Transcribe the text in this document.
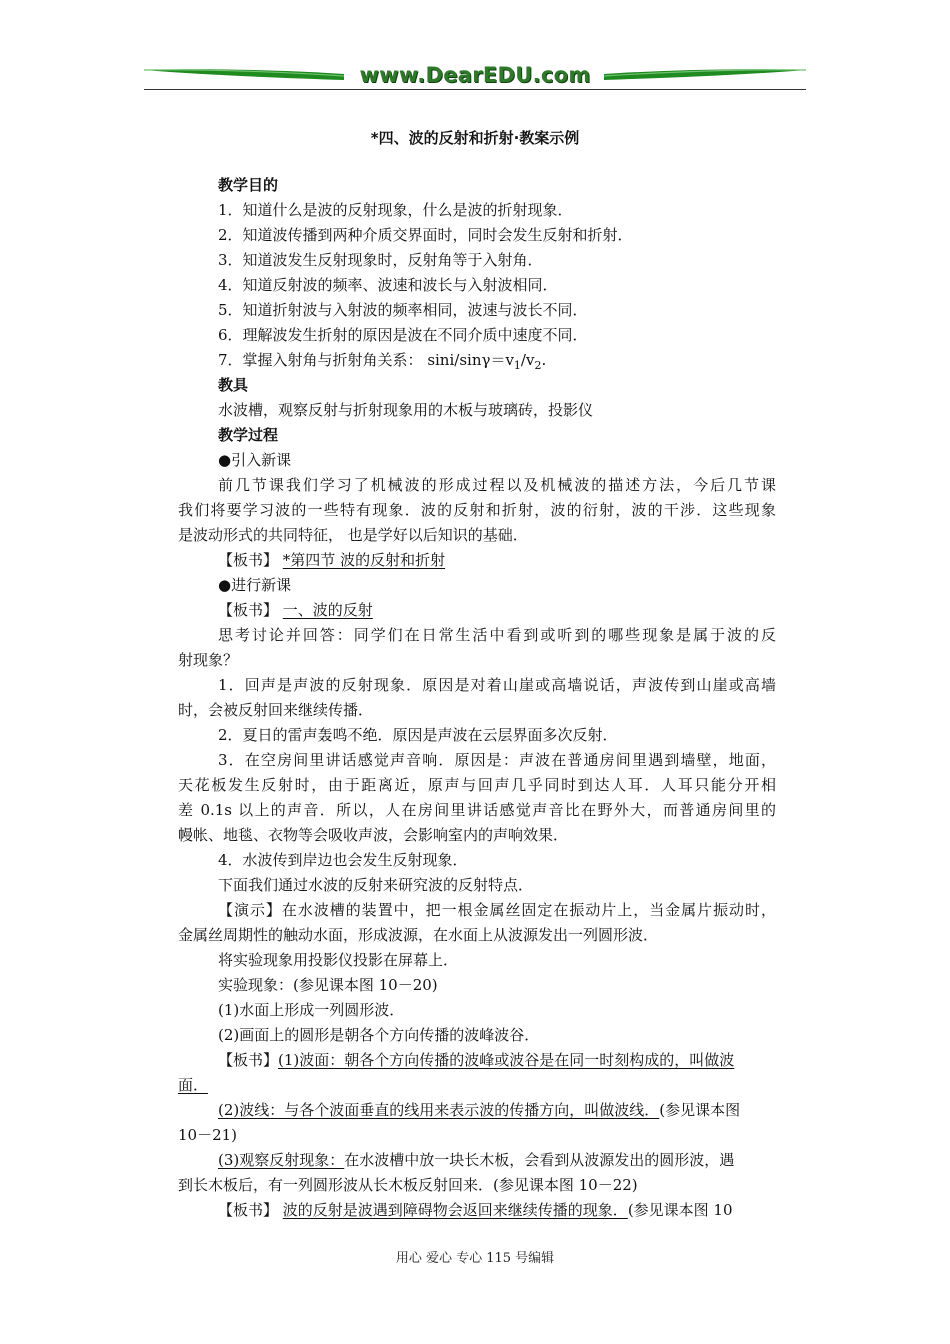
www.DearEDU.com
*四、波的反射和折射·教案示例
教学目的
1．知道什么是波的反射现象，什么是波的折射现象．
2．知道波传播到两种介质交界面时，同时会发生反射和折射．
3．知道波发生反射现象时，反射角等于入射角．
4．知道反射波的频率、波速和波长与入射波相同．
5．知道折射波与入射波的频率相同，波速与波长不同．
6．理解波发生折射的原因是波在不同介质中速度不同．
7．掌握入射角与折射角关系： sini/$\sin\gamma=v_1/v_2$.
教具
水波槽，观察反射与折射现象用的木板与玻璃砖，投影仪
教学过程
●引入新课
前几节课我们学习了机械波的形成过程以及机械波的描述方法，今后几节课
我们将要学习波的一些特有现象．波的反射和折射，波的衍射，波的干涉．这些现象
是波动形式的共同特征， 也是学好以后知识的基础．
【板书】 *第四节 波的反射和折射
●进行新课
【板书】 一、波的反射
思考讨论并回答：同学们在日常生活中看到或听到的哪些现象是属于波的反
射现象？
1．回声是声波的反射现象．原因是对着山崖或高墙说话，声波传到山崖或高墙
时，会被反射回来继续传播．
2．夏日的雷声轰鸣不绝．原因是声波在云层界面多次反射．
3．在空房间里讲话感觉声音响．原因是：声波在普通房间里遇到墙壁，地面，
天花板发生反射时，由于距离近，原声与回声几乎同时到达人耳．人耳只能分开相
差 0.1s 以上的声音．所以，人在房间里讲话感觉声音比在野外大，而普通房间里的
幔帐、地毯、衣物等会吸收声波，会影响室内的声响效果．
4．水波传到岸边也会发生反射现象．
下面我们通过水波的反射来研究波的反射特点．
【演示】在水波槽的装置中，把一根金属丝固定在振动片上，当金属片振动时，
金属丝周期性的触动水面，形成波源，在水面上从波源发出一列圆形波．
将实验现象用投影仪投影在屏幕上．
实验现象：(参见课本图 10－20)
(1)水面上形成一列圆形波．
(2)画面上的圆形是朝各个方向传播的波峰波谷．
【板书】(1)波面：朝各个方向传播的波峰或波谷是在同一时刻构成的，叫做波
面．
(2)波线：与各个波面垂直的线用来表示波的传播方向，叫做波线．(参见课本图
10－21)
(3)观察反射现象：在水波槽中放一块长木板，会看到从波源发出的圆形波，遇
到长木板后，有一列圆形波从长木板反射回来．(参见课本图 10－22)
【板书】 波的反射是波遇到障碍物会返回来继续传播的现象．(参见课本图 10
用心 爱心 专心 115 号编辑
